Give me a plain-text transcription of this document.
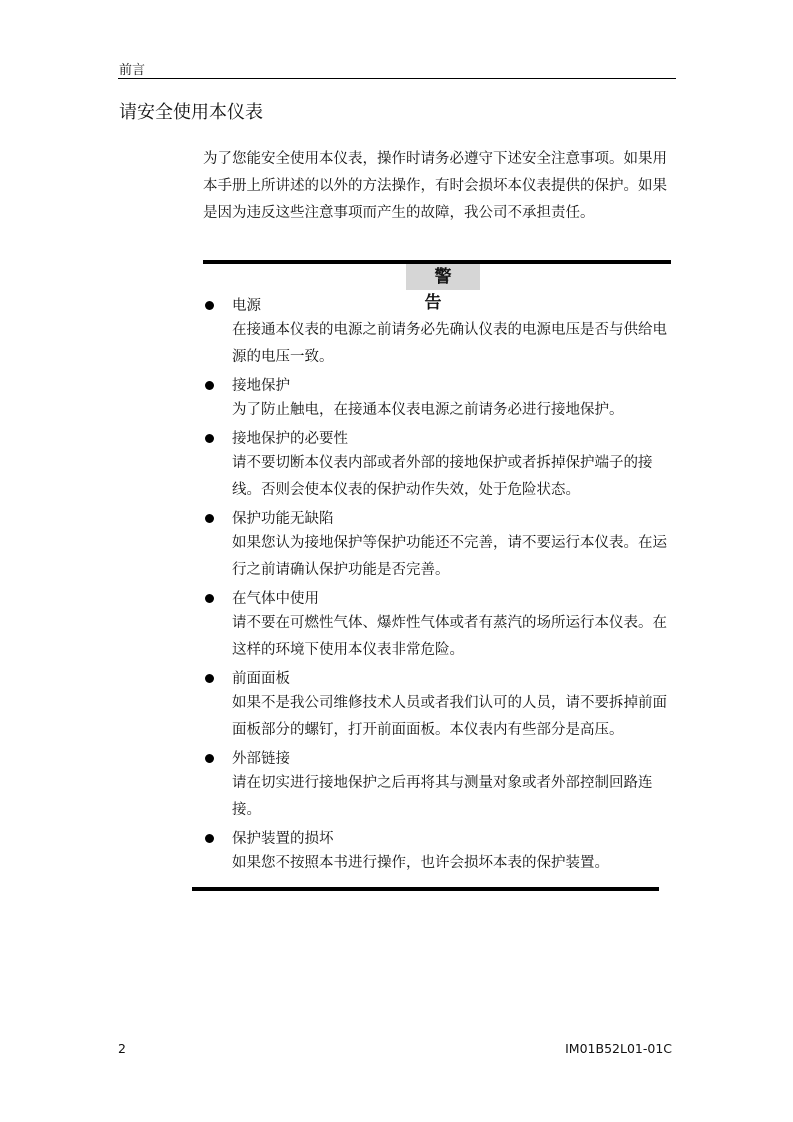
前言
请安全使用本仪表

为了您能安全使用本仪表，操作时请务必遵守下述安全注意事项。如果用本手册上所讲述的以外的方法操作，有时会损坏本仪表提供的保护。如果是因为违反这些注意事项而产生的故障，我公司不承担责任。

警 告
电源

在接通本仪表的电源之前请务必先确认仪表的电源电压是否与供给电源的电压一致。

接地保护

为了防止触电，在接通本仪表电源之前请务必进行接地保护。

接地保护的必要性

请不要切断本仪表内部或者外部的接地保护或者拆掉保护端子的接线。否则会使本仪表的保护动作失效，处于危险状态。

保护功能无缺陷

如果您认为接地保护等保护功能还不完善，请不要运行本仪表。在运行之前请确认保护功能是否完善。

在气体中使用

请不要在可燃性气体、爆炸性气体或者有蒸汽的场所运行本仪表。在这样的环境下使用本仪表非常危险。

前面面板

如果不是我公司维修技术人员或者我们认可的人员，请不要拆掉前面面板部分的螺钉，打开前面面板。本仪表内有些部分是高压。

外部链接

请在切实进行接地保护之后再将其与测量对象或者外部控制回路连接。

保护装置的损坏

如果您不按照本书进行操作，也许会损坏本表的保护装置。

2	IM01B52L01-01C
